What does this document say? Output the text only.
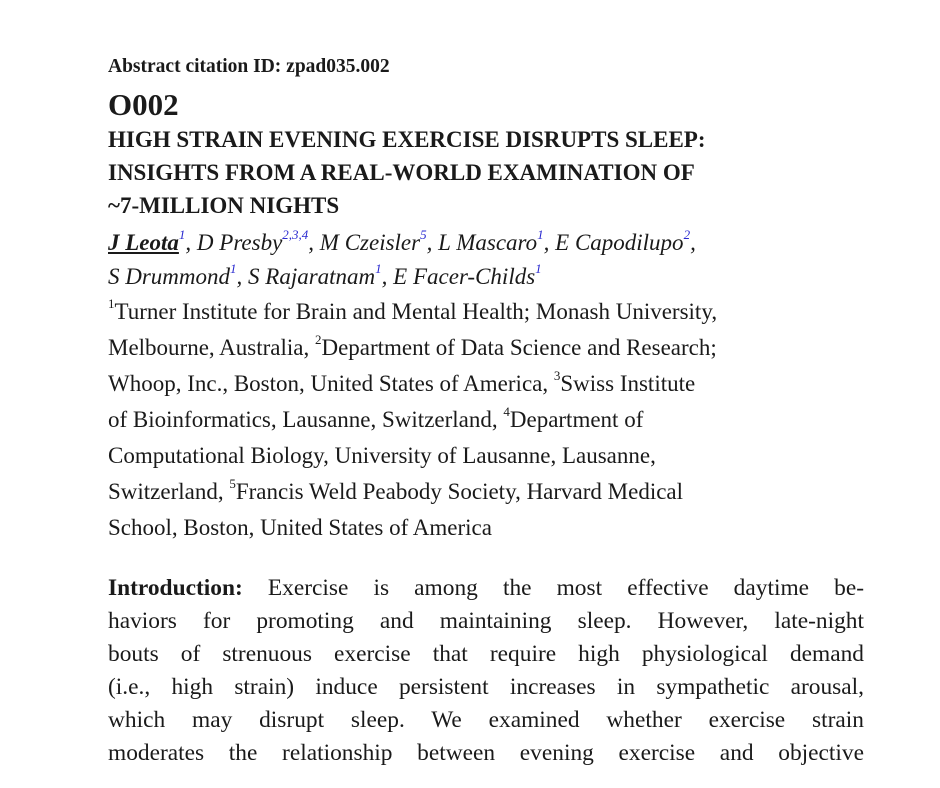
Abstract citation ID: zpad035.002

O002
HIGH STRAIN EVENING EXERCISE DISRUPTS SLEEP:
INSIGHTS FROM A REAL-WORLD EXAMINATION OF
~7-MILLION NIGHTS
J Leota$^1$, D Presby$^{2,3,4}$, M Czeisler$^5$, L Mascaro$^1$, E Capodilupo$^2$,
S Drummond$^1$, S Rajaratnam$^1$, E Facer-Childs$^1$
$^1$Turner Institute for Brain and Mental Health; Monash University,
Melbourne, Australia, $^2$Department of Data Science and Research;
Whoop, Inc., Boston, United States of America, $^3$Swiss Institute
of Bioinformatics, Lausanne, Switzerland, $^4$Department of
Computational Biology, University of Lausanne, Lausanne,
Switzerland, $^5$Francis Weld Peabody Society, Harvard Medical
School, Boston, United States of America
Introduction: Exercise is among the most effective daytime be-
haviors for promoting and maintaining sleep. However, late-night
bouts of strenuous exercise that require high physiological demand
(i.e., high strain) induce persistent increases in sympathetic arousal,
which may disrupt sleep. We examined whether exercise strain
moderates the relationship between evening exercise and objective
